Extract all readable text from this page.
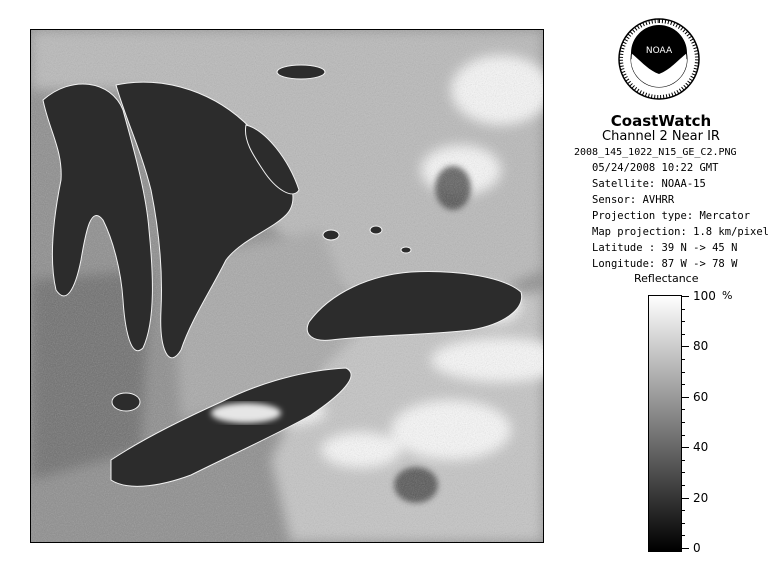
NOAA
CoastWatch
Channel 2 Near IR
2008_145_1022_N15_GE_C2.PNG
05/24/2008 10:22 GMT
Satellite: NOAA-15
Sensor: AVHRR
Projection type: Mercator
Map projection: 1.8 km/pixel
Latitude : 39 N -> 45 N
Longitude: 87 W -> 78 W
Reflectance
%
100
80
60
40
20
0
